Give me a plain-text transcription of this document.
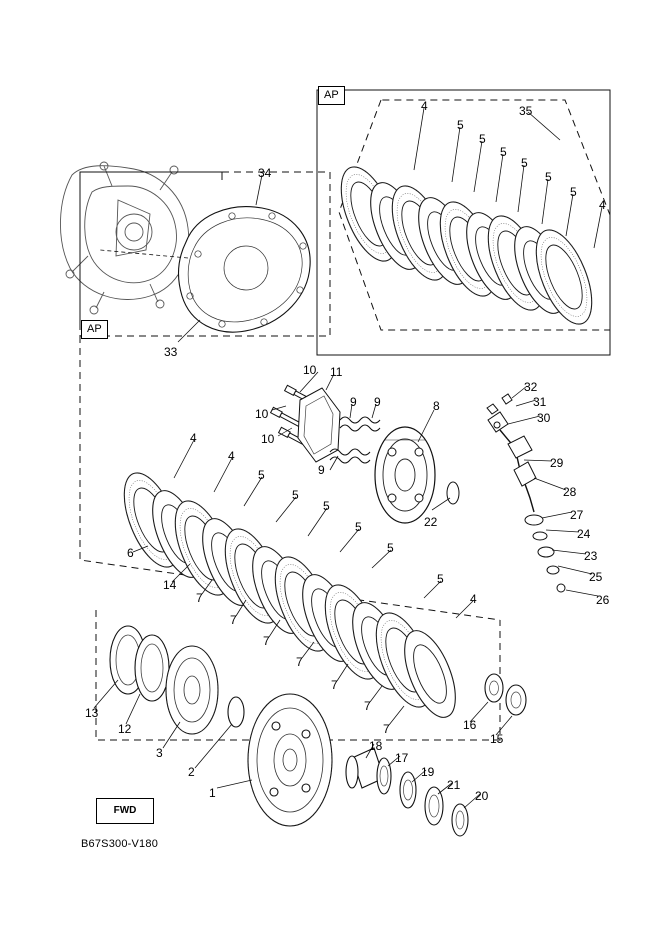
AP
AP
FWD
B67S300-V180
35
4
5
5
5
5
5
5
4
34
33
10 11
9 9	8
10
10
9
32
31
30
29
28
27
24
23
25
26
22
4
4
5
5
5
5
5
5
4
6
14
7
7
7
7
7
7
7
13
12
3
2
1
18
17
19
21
20
16
15
